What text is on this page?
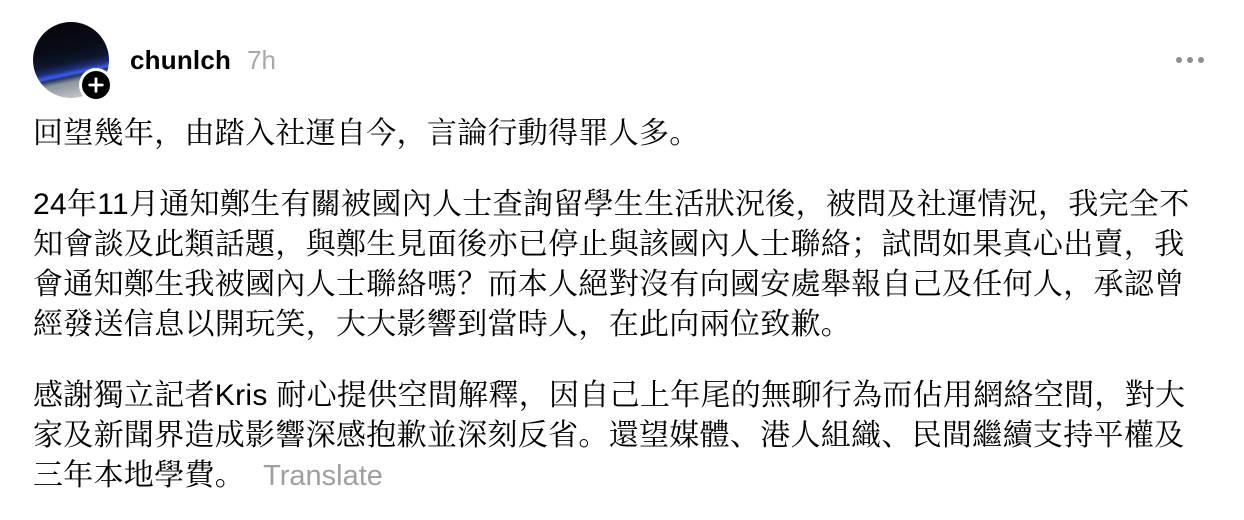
chunlch 7h

回望幾年，由踏入社運自今，言論行動得罪人多。

24年11月通知鄭生有關被國內人士查詢留學生生活狀況後，被問及社運情況，我完全不知會談及此類話題，與鄭生見面後亦已停止與該國內人士聯絡；試問如果真心出賣，我會通知鄭生我被國內人士聯絡嗎？而本人絕對沒有向國安處舉報自己及任何人，承認曾經發送信息以開玩笑，大大影響到當時人，在此向兩位致歉。

感謝獨立記者Kris 耐心提供空間解釋，因自己上年尾的無聊行為而佔用網絡空間，對大家及新聞界造成影響深感抱歉並深刻反省。還望媒體、港人組織、民間繼續支持平權及三年本地學費。 Translate
